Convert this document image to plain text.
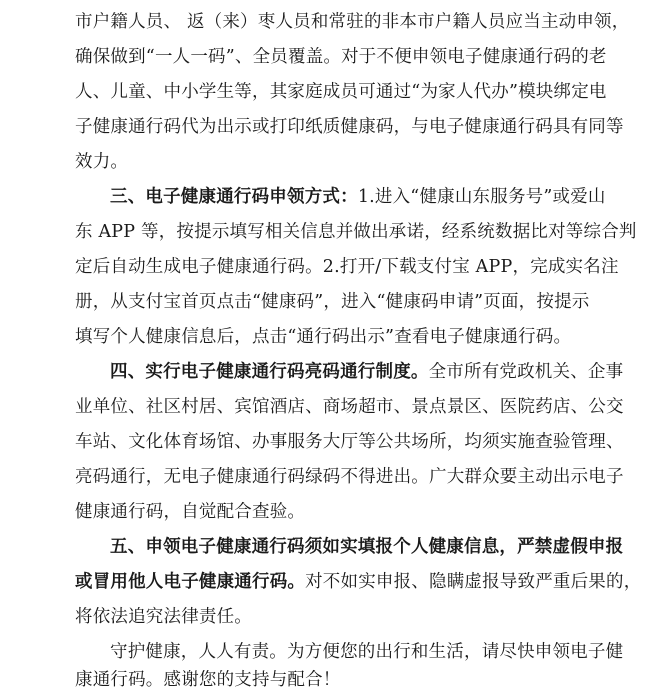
市户籍人员、 返（来）枣人员和常驻的非本市户籍人员应当主动申领，
确保做到“一人一码”、全员覆盖。对于不便申领电子健康通行码的老
人、儿童、中小学生等，其家庭成员可通过“为家人代办”模块绑定电
子健康通行码代为出示或打印纸质健康码，与电子健康通行码具有同等
效力。
三、电子健康通行码申领方式：1.进入“健康山东服务号”或爱山
东 APP 等，按提示填写相关信息并做出承诺，经系统数据比对等综合判
定后自动生成电子健康通行码。2.打开/下载支付宝 APP，完成实名注
册，从支付宝首页点击“健康码”，进入“健康码申请”页面，按提示
填写个人健康信息后，点击“通行码出示”查看电子健康通行码。
四、实行电子健康通行码亮码通行制度。全市所有党政机关、企事
业单位、社区村居、宾馆酒店、商场超市、景点景区、医院药店、公交
车站、文化体育场馆、办事服务大厅等公共场所，均须实施查验管理、
亮码通行，无电子健康通行码绿码不得进出。广大群众要主动出示电子
健康通行码，自觉配合查验。
五、申领电子健康通行码须如实填报个人健康信息，严禁虚假申报
或冒用他人电子健康通行码。对不如实申报、隐瞒虚报导致严重后果的，
将依法追究法律责任。
守护健康，人人有责。为方便您的出行和生活，请尽快申领电子健
康通行码。感谢您的支持与配合！
